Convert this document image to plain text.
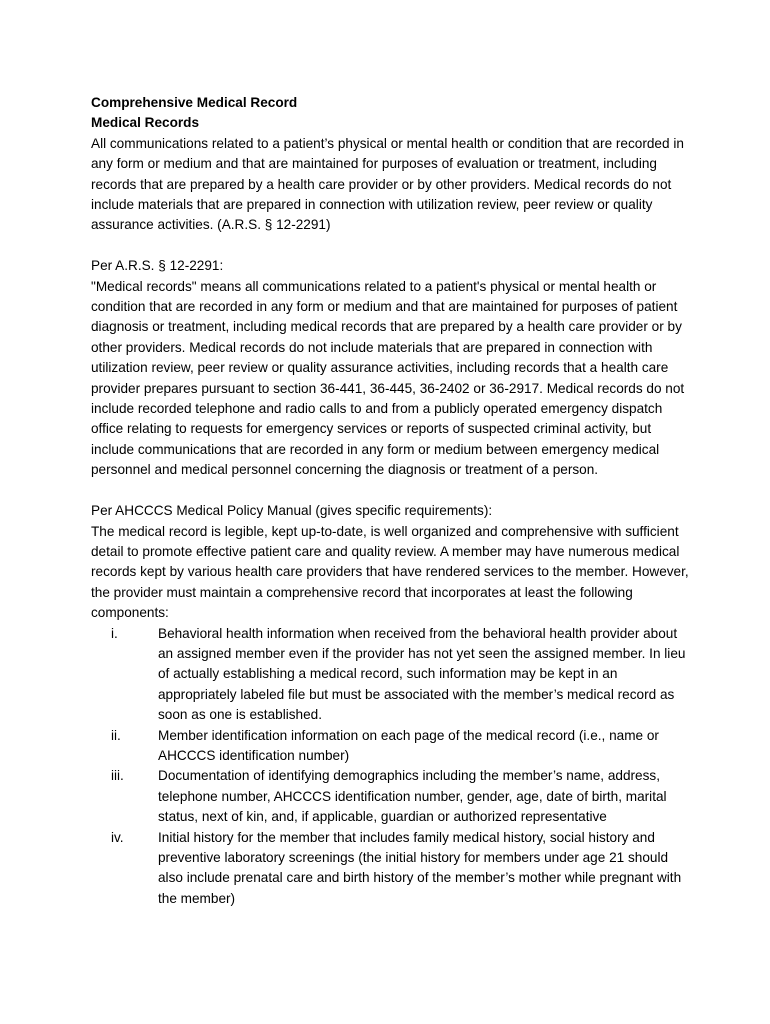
Comprehensive Medical Record

Medical Records

All communications related to a patient’s physical or mental health or condition that are recorded in any form or medium and that are maintained for purposes of evaluation or treatment, including records that are prepared by a health care provider or by other providers. Medical records do not include materials that are prepared in connection with utilization review, peer review or quality assurance activities. (A.R.S. § 12-2291)

Per A.R.S. § 12-2291:

"Medical records" means all communications related to a patient's physical or mental health or condition that are recorded in any form or medium and that are maintained for purposes of patient diagnosis or treatment, including medical records that are prepared by a health care provider or by other providers. Medical records do not include materials that are prepared in connection with utilization review, peer review or quality assurance activities, including records that a health care provider prepares pursuant to section 36-441, 36-445, 36-2402 or 36-2917. Medical records do not include recorded telephone and radio calls to and from a publicly operated emergency dispatch office relating to requests for emergency services or reports of suspected criminal activity, but include communications that are recorded in any form or medium between emergency medical personnel and medical personnel concerning the diagnosis or treatment of a person.

Per AHCCCS Medical Policy Manual (gives specific requirements):

The medical record is legible, kept up-to-date, is well organized and comprehensive with sufficient detail to promote effective patient care and quality review. A member may have numerous medical records kept by various health care providers that have rendered services to the member. However, the provider must maintain a comprehensive record that incorporates at least the following components:

i.	Behavioral health information when received from the behavioral health provider about an assigned member even if the provider has not yet seen the assigned member. In lieu of actually establishing a medical record, such information may be kept in an appropriately labeled file but must be associated with the member’s medical record as soon as one is established.
ii.	Member identification information on each page of the medical record (i.e., name or AHCCCS identification number)
iii.	Documentation of identifying demographics including the member’s name, address, telephone number, AHCCCS identification number, gender, age, date of birth, marital status, next of kin, and, if applicable, guardian or authorized representative
iv.	Initial history for the member that includes family medical history, social history and preventive laboratory screenings (the initial history for members under age 21 should also include prenatal care and birth history of the member’s mother while pregnant with the member)
